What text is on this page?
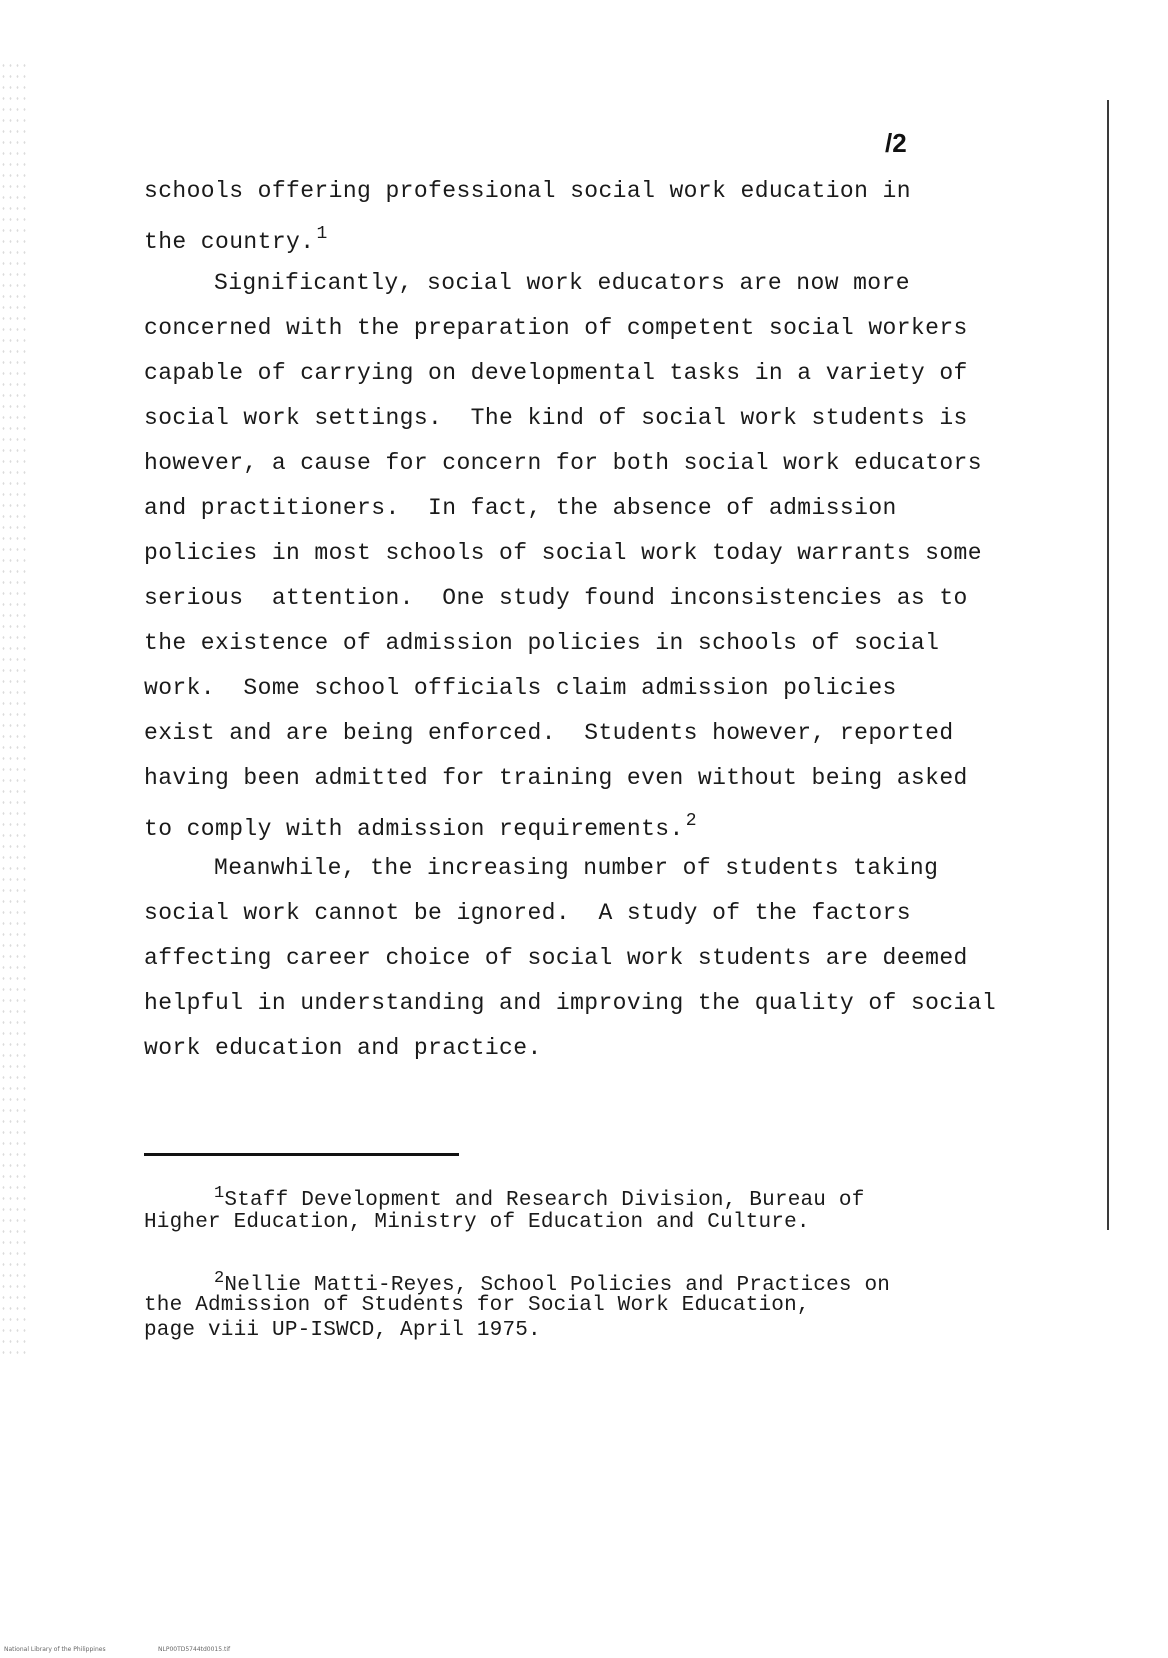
/2

schools offering professional social work education in

the country. $^1$

Significantly, social work educators are now more

concerned with the preparation of competent social workers

capable of carrying on developmental tasks in a variety of

social work settings.  The kind of social work students is

however, a cause for concern for both social work educators

and practitioners.  In fact, the absence of admission

policies in most schools of social work today warrants some

serious  attention.  One study found inconsistencies as to

the existence of admission policies in schools of social

work.  Some school officials claim admission policies

exist and are being enforced.  Students however, reported

having been admitted for training even without being asked

to comply with admission requirements. $^2$

Meanwhile, the increasing number of students taking

social work cannot be ignored.  A study of the factors

affecting career choice of social work students are deemed

helpful in understanding and improving the quality of social

work education and practice.

$^1$Staff Development and Research Division, Bureau of

Higher Education, Ministry of Education and Culture.

$^2$Nellie Matti-Reyes, School Policies and Practices on

the Admission of Students for Social Work Education,

page viii UP-ISWCD, April 1975.

National Library of the Philippines	NLP00TD5744td0015.tif
